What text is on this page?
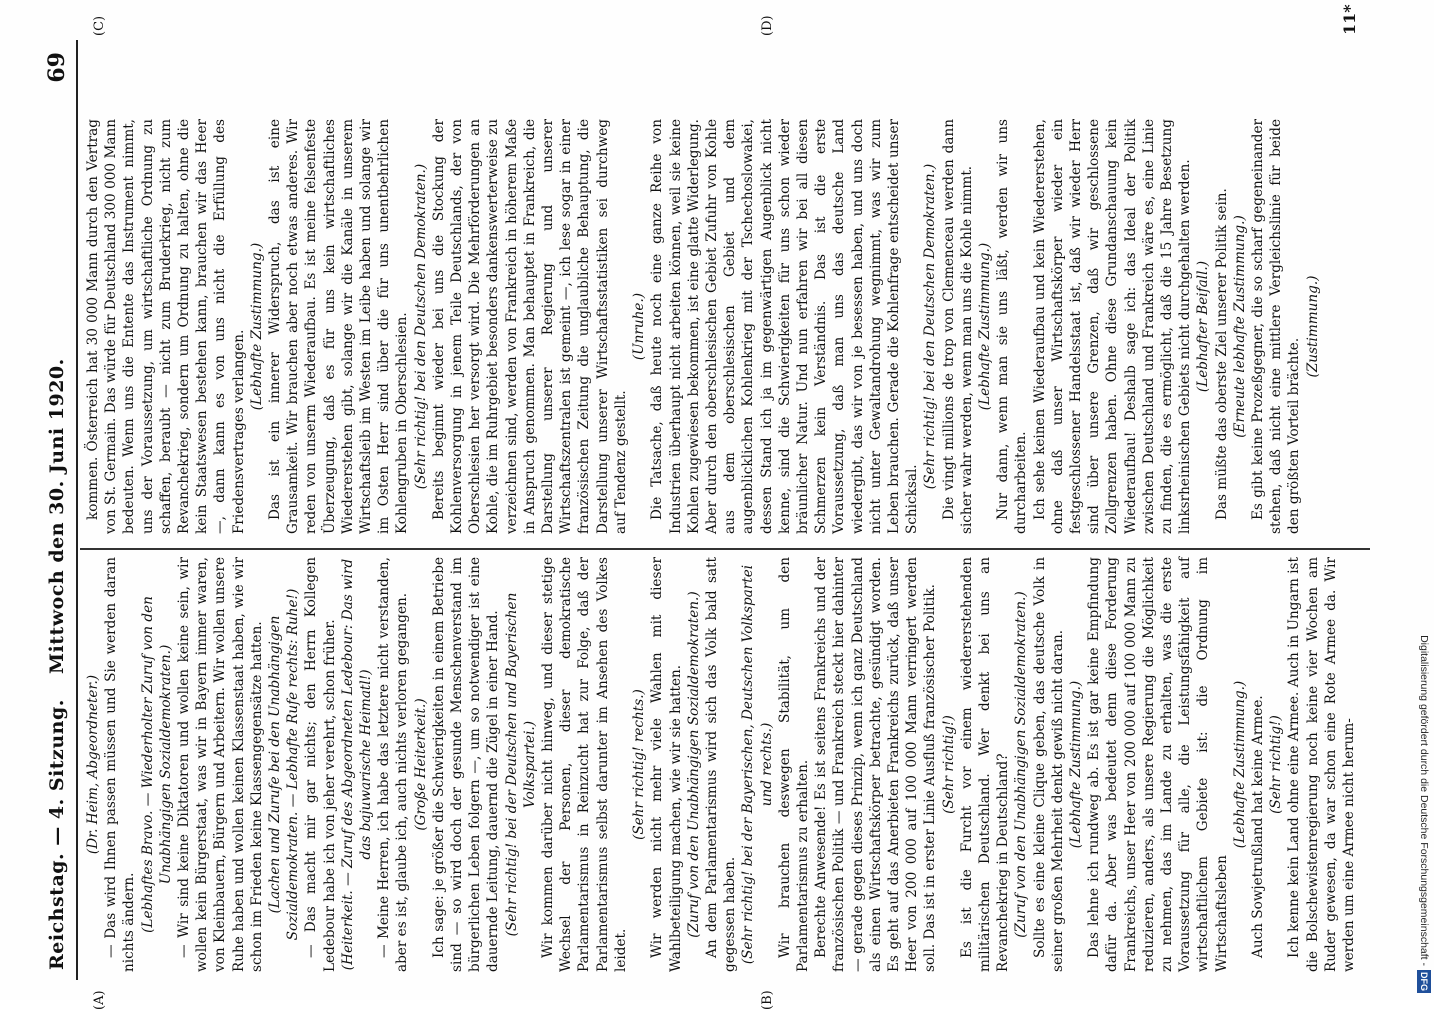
Reichstag. — 4. Sitzung. Mittwoch den 30. Juni 1920.
69

(Dr. Heim, Abgeordneter.) — Das wird Ihnen passen müssen und Sie werden daran nichts ändern. (Lebhaftes Bravo. — Wiederholter Zuruf von den Unabhängigen Sozialdemokraten.) — Wir sind keine Diktatoren und wollen keine sein, wir wollen kein Bürgerstaat, was wir in Bayern immer waren, von Kleinbauern, Bürgern und Arbeitern. Wir wollen unsere Ruhe haben und wollen keinen Klassenstaat haben, wie wir schon im Frieden keine Klassengegensätze hatten. (Lachen und Zurufe bei den Unabhängigen Sozialdemokraten. — Lebhafte Rufe rechts: Ruhe!) — Das macht mir gar nichts; den Herrn Kollegen Ledebour habe ich von jeher verehrt, schon früher. (Heiterkeit. — Zuruf des Abgeordneten Ledebour: Das wird das bajuwarische Heimatl!) — Meine Herren, ich habe das letztere nicht verstanden, aber es ist, glaube ich, auch nichts verloren gegangen. (Große Heiterkeit.) Ich sage: je größer die Schwierigkeiten in einem Betriebe sind — so wird doch der gesunde Menschenverstand im bürgerlichen Leben folgern —, um so notwendiger ist eine dauernde Leitung, dauernd die Zügel in einer Hand. (Sehr richtig! bei der Deutschen und Bayerischen Volkspartei.) Wir kommen darüber nicht hinweg, und dieser stetige Wechsel der Personen, dieser demokratische Parlamentarismus in Reinzucht hat zur Folge, daß der Parlamentarismus selbst darunter im Ansehen des Volkes leidet.

(Sehr richtig! rechts.) Wir werden nicht mehr viele Wahlen mit dieser Wahlbeteiligung machen, wie wir sie hatten. (Zuruf von den Unabhängigen Sozialdemokraten.) An dem Parlamentarismus wird sich das Volk bald satt gegessen haben. (Sehr richtig! bei der Bayerischen, Deutschen Volkspartei und rechts.) Wir brauchen deswegen Stabilität, um den Parlamentarismus zu erhalten. Berechte Anwesende! Es ist seitens Frankreichs und der französischen Politik — und Frankreich steckt hier dahinter — gerade gegen dieses Prinzip, wenn ich ganz Deutschland als einen Wirtschaftskörper betrachte, gesündigt worden. Es geht auf das Anerbieten Frankreichs zurück, daß unser Heer von 200 000 auf 100 000 Mann verringert werden soll. Das ist in erster Linie Ausfluß französischer Politik. (Sehr richtig!) Es ist die Furcht vor einem wiedererstehenden militärischen Deutschland. Wer denkt bei uns an Revanchekrieg in Deutschland? (Zuruf von den Unabhängigen Sozialdemokraten.) Sollte es eine kleine Clique geben, das deutsche Volk in seiner großen Mehrheit denkt gewiß nicht daran. (Lebhafte Zustimmung.) Das lehne ich rundweg ab. Es ist gar keine Empfindung dafür da. Aber was bedeutet denn diese Forderung Frankreichs, unser Heer von 200 000 auf 100 000 Mann zu reduzieren, anders, als unsere Regierung die Möglichkeit zu nehmen, das im Lande zu erhalten, was die erste Voraussetzung für alle, die Leistungsfähigkeit auf wirtschaftlichem Gebiete ist: die Ordnung im Wirtschaftsleben

(Lebhafte Zustimmung.) Auch Sowjetrußland hat keine Armee. (Sehr richtig!) Ich kenne kein Land ohne eine Armee. Auch in Ungarn ist die Bolschewistenregierung noch keine vier Wochen am Ruder gewesen, da war schon eine Rote Armee da. Wir werden um eine Armee nicht herum-

kommen. Österreich hat 30 000 Mann durch den Vertrag von St. Germain. Das würde für Deutschland 300 000 Mann bedeuten. Wenn uns die Entente das Instrument nimmt, uns der Voraussetzung, um wirtschaftliche Ordnung zu schaffen, beraubt — nicht zum Bruderkrieg, nicht zum Revanchekrieg, sondern um Ordnung zu halten, ohne die kein Staatswesen bestehen kann, brauchen wir das Heer —, dann kann es von uns nicht die Erfüllung des Friedensvertrages verlangen.

(Lebhafte Zustimmung.) Das ist ein innerer Widerspruch, das ist eine Grausamkeit. Wir brauchen aber noch etwas anderes. Wir reden von unserm Wiederaufbau. Es ist meine felsenfeste Überzeugung, daß es für uns kein wirtschaftliches Wiedererstehen gibt, solange wir die Kanäle in unserem Wirtschaftsleib im Westen im Leibe haben und solange wir im Osten Herr sind über die für uns unentbehrlichen Kohlengruben in Oberschlesien. (Sehr richtig! bei den Deutschen Demokraten.) Bereits beginnt wieder bei uns die Stockung der Kohlenversorgung in jenem Teile Deutschlands, der von Oberschlesien her versorgt wird. Die Mehrförderungen an Kohle, die im Ruhrgebiet besonders dankenswerterweise zu verzeichnen sind, werden von Frankreich in höherem Maße in Anspruch genommen. Man behauptet in Frankreich, die Darstellung unserer Regierung und unserer Wirtschaftszentralen ist gemeint —, ich lese sogar in einer französischen Zeitung die unglaubliche Behauptung, die Darstellung unserer Wirtschaftsstatistiken sei durchweg auf Tendenz gestellt.

(Unruhe.) Die Tatsache, daß heute noch eine ganze Reihe von Industrien überhaupt nicht arbeiten können, weil sie keine Kohlen zugewiesen bekommen, ist eine glatte Widerlegung. Aber durch den oberschlesischen Gebiet Zufuhr von Kohle aus dem oberschlesischen Gebiet und dem augenblicklichen Kohlenkrieg mit der Tschechoslowakei, dessen Stand ich ja im gegenwärtigen Augenblick nicht kenne, sind die Schwierigkeiten für uns schon wieder bräunlicher Natur. Und nun erfahren wir bei all diesen Schmerzen kein Verständnis. Das ist die erste Voraussetzung, daß man uns das deutsche Land wiedergibt, das wir von je besessen haben, und uns doch nicht unter Gewaltandrohung wegnimmt, was wir zum Leben brauchen. Gerade die Kohlenfrage entscheidet unser Schicksal.

(Sehr richtig! bei den Deutschen Demokraten.) Die vingt millions de trop von Clemenceau werden dann sicher wahr werden, wenn man uns die Kohle nimmt. (Lebhafte Zustimmung.) Nur dann, wenn man sie uns läßt, werden wir uns durcharbeiten. Ich sehe keinen Wiederaufbau und kein Wiedererstehen, ohne daß unser Wirtschaftskörper wieder ein festgeschlossener Handelsstaat ist, daß wir wieder Herr sind über unsere Grenzen, daß wir geschlossene Zollgrenzen haben. Ohne diese Grundanschauung kein Wiederaufbau! Deshalb sage ich: das Ideal der Politik zwischen Deutschland und Frankreich wäre es, eine Linie zu finden, die es ermöglicht, daß die 15 Jahre Besetzung linksrheinischen Gebiets nicht durchgehalten werden. (Lebhafter Beifall.) Das müßte das oberste Ziel unserer Politik sein. (Erneute lebhafte Zustimmung.) Es gibt keine Prozeßgegner, die so scharf gegeneinander stehen, daß nicht eine mittlere Vergleichslinie für beide den größten Vorteil brächte.

(Zustimmung.)

(A)	(B)
(C)	(D)	11*
Digitalisierung gefördert durch die Deutsche Forschungsgemeinschaft -DFG
